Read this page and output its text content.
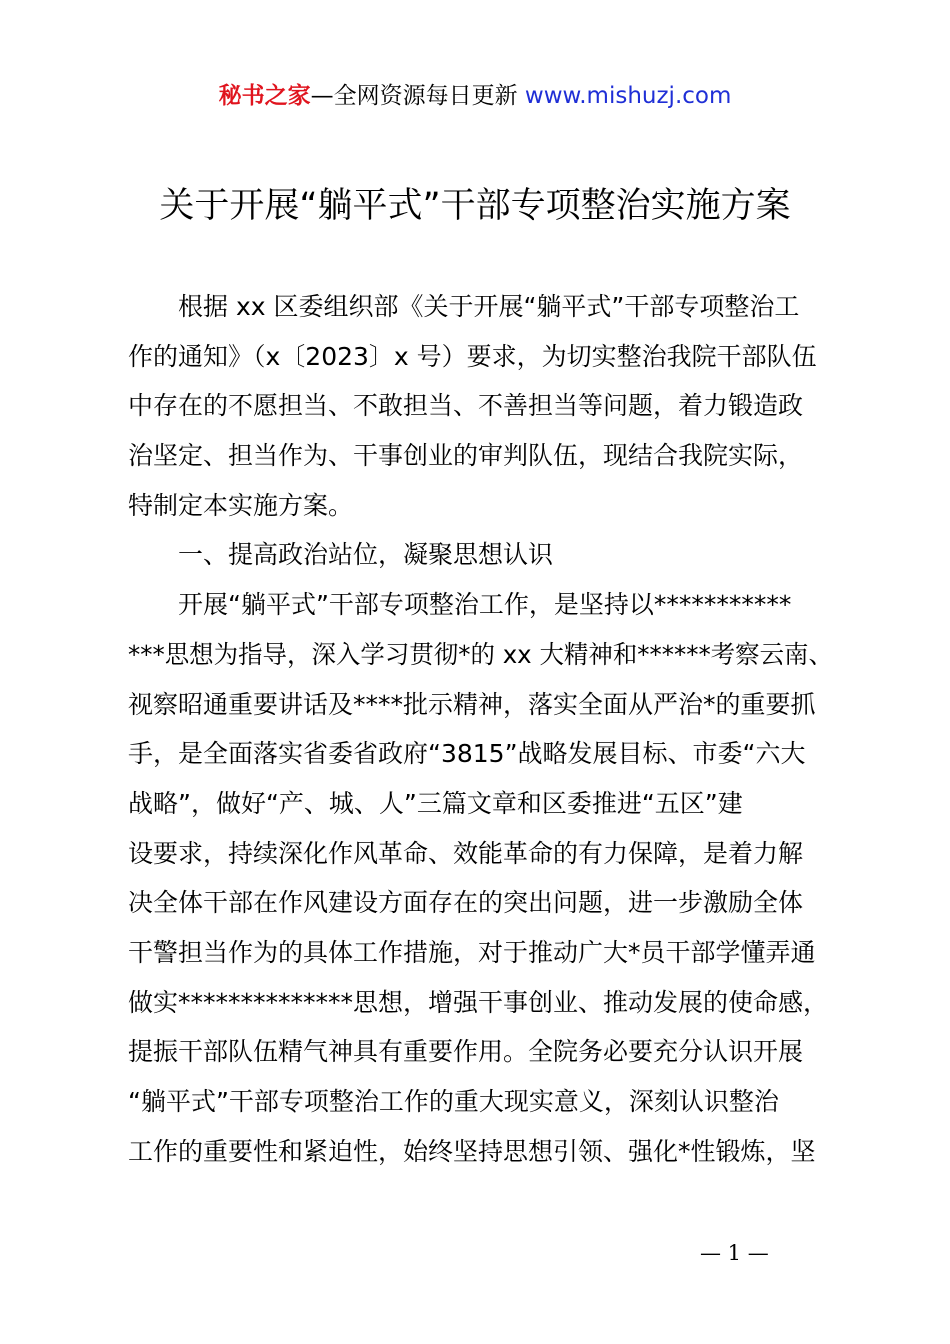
秘书之家—全网资源每日更新 www.mishuzj.com
关于开展“躺平式”干部专项整治实施方案
根据 xx 区委组织部《关于开展“躺平式”干部专项整治工
作的通知》（x〔2023〕x 号）要求，为切实整治我院干部队伍
中存在的不愿担当、不敢担当、不善担当等问题，着力锻造政
治坚定、担当作为、干事创业的审判队伍，现结合我院实际，
特制定本实施方案。
一、提高政治站位，凝聚思想认识
开展“躺平式”干部专项整治工作，是坚持以***********
***思想为指导，深入学习贯彻*的 xx 大精神和******考察云南、
视察昭通重要讲话及****批示精神，落实全面从严治*的重要抓
手，是全面落实省委省政府“3815”战略发展目标、市委“六大
战略”，做好“产、城、人”三篇文章和区委推进“五区”建
设要求，持续深化作风革命、效能革命的有力保障，是着力解
决全体干部在作风建设方面存在的突出问题，进一步激励全体
干警担当作为的具体工作措施，对于推动广大*员干部学懂弄通
做实**************思想，增强干事创业、推动发展的使命感，
提振干部队伍精气神具有重要作用。全院务必要充分认识开展
“躺平式”干部专项整治工作的重大现实意义，深刻认识整治
工作的重要性和紧迫性，始终坚持思想引领、强化*性锻炼，坚
— 1 —
